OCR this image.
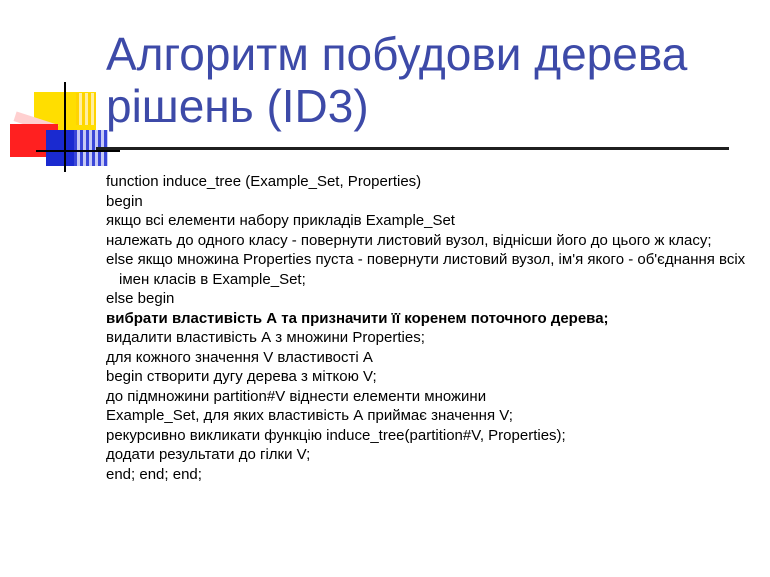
Алгоритм побудови дерева рішень (ID3)

function induce_tree (Example_Set, Properties)

begin

якщо всі елементи набору прикладів Example_Set

належать до одного класу - повернути листовий вузол, віднісши його до цього ж класу;

else якщо множина Properties пуста - повернути листовий вузол, ім'я якого - об'єднання всіх імен класів в Example_Set;

else begin

вибрати властивість А та призначити її коренем поточного дерева;

видалити властивість А з множини Properties;

для кожного значення V властивості А

begin створити дугу дерева з міткою V;

до підмножини partition#V віднести елементи множини

Example_Set, для яких властивість А приймає значення V;

рекурсивно викликати функцію induce_tree(partition#V, Properties);

додати результати до гілки V;

end; end; end;
